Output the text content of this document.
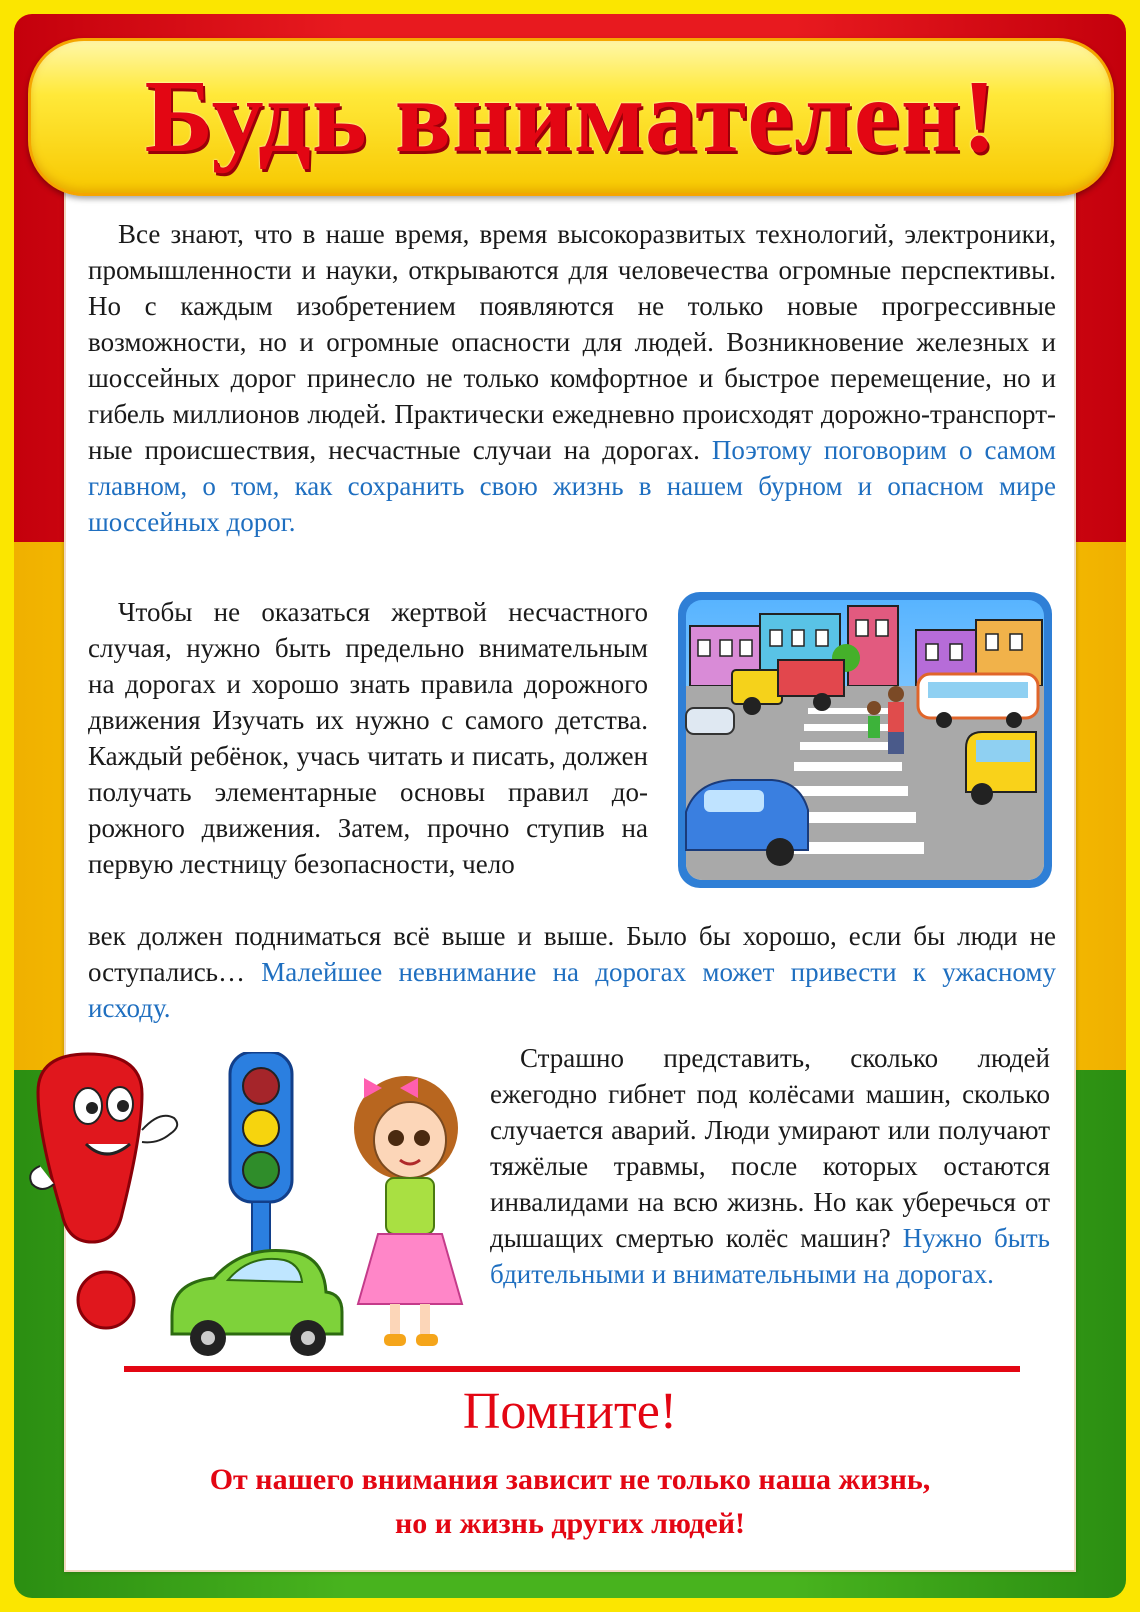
Будь внимателен!
Все знают, что в наше время, время высокоразвитых технологий, электроники, промышленности и науки, открываются для человечества огромные перспективы. Но с каждым изобретением появляются не только новые прогрессивные возможности, но и огромные опасности для людей. Возникновение железных и шоссейных дорог принесло не только комфортное и быстрое перемещение, но и гибель миллионов людей. Практически ежедневно происходят дорожно-транспортные происшествия, несчастные случаи на дорогах. Поэтому поговорим о самом главном, о том, как сохранить свою жизнь в нашем бурном и опасном мире шоссейных дорог.
Чтобы не оказаться жертвой несчастного случая, нужно быть предельно внимательным на дорогах и хорошо знать правила дорожного движения Изучать их нужно с самого детства. Каждый ребёнок, учась читать и писать, должен получать элементарные основы правил дорожного движения. Затем, прочно ступив на первую лестницу безопасности, чело
век должен подниматься всё выше и выше. Было бы хорошо, если бы люди не оступались… Малейшее невнимание на дорогах может привести к ужасному исходу.
Страшно представить, сколько людей ежегодно гибнет под колёсами машин, сколько случается аварий. Люди умирают или получают тяжёлые травмы, после которых остаются инвалидами на всю жизнь. Но как уберечься от дышащих смертью колёс машин? Нужно быть бдительными и внимательными на дорогах.
Помните!
От нашего внимания зависит не только наша жизнь,
но и жизнь других людей!
